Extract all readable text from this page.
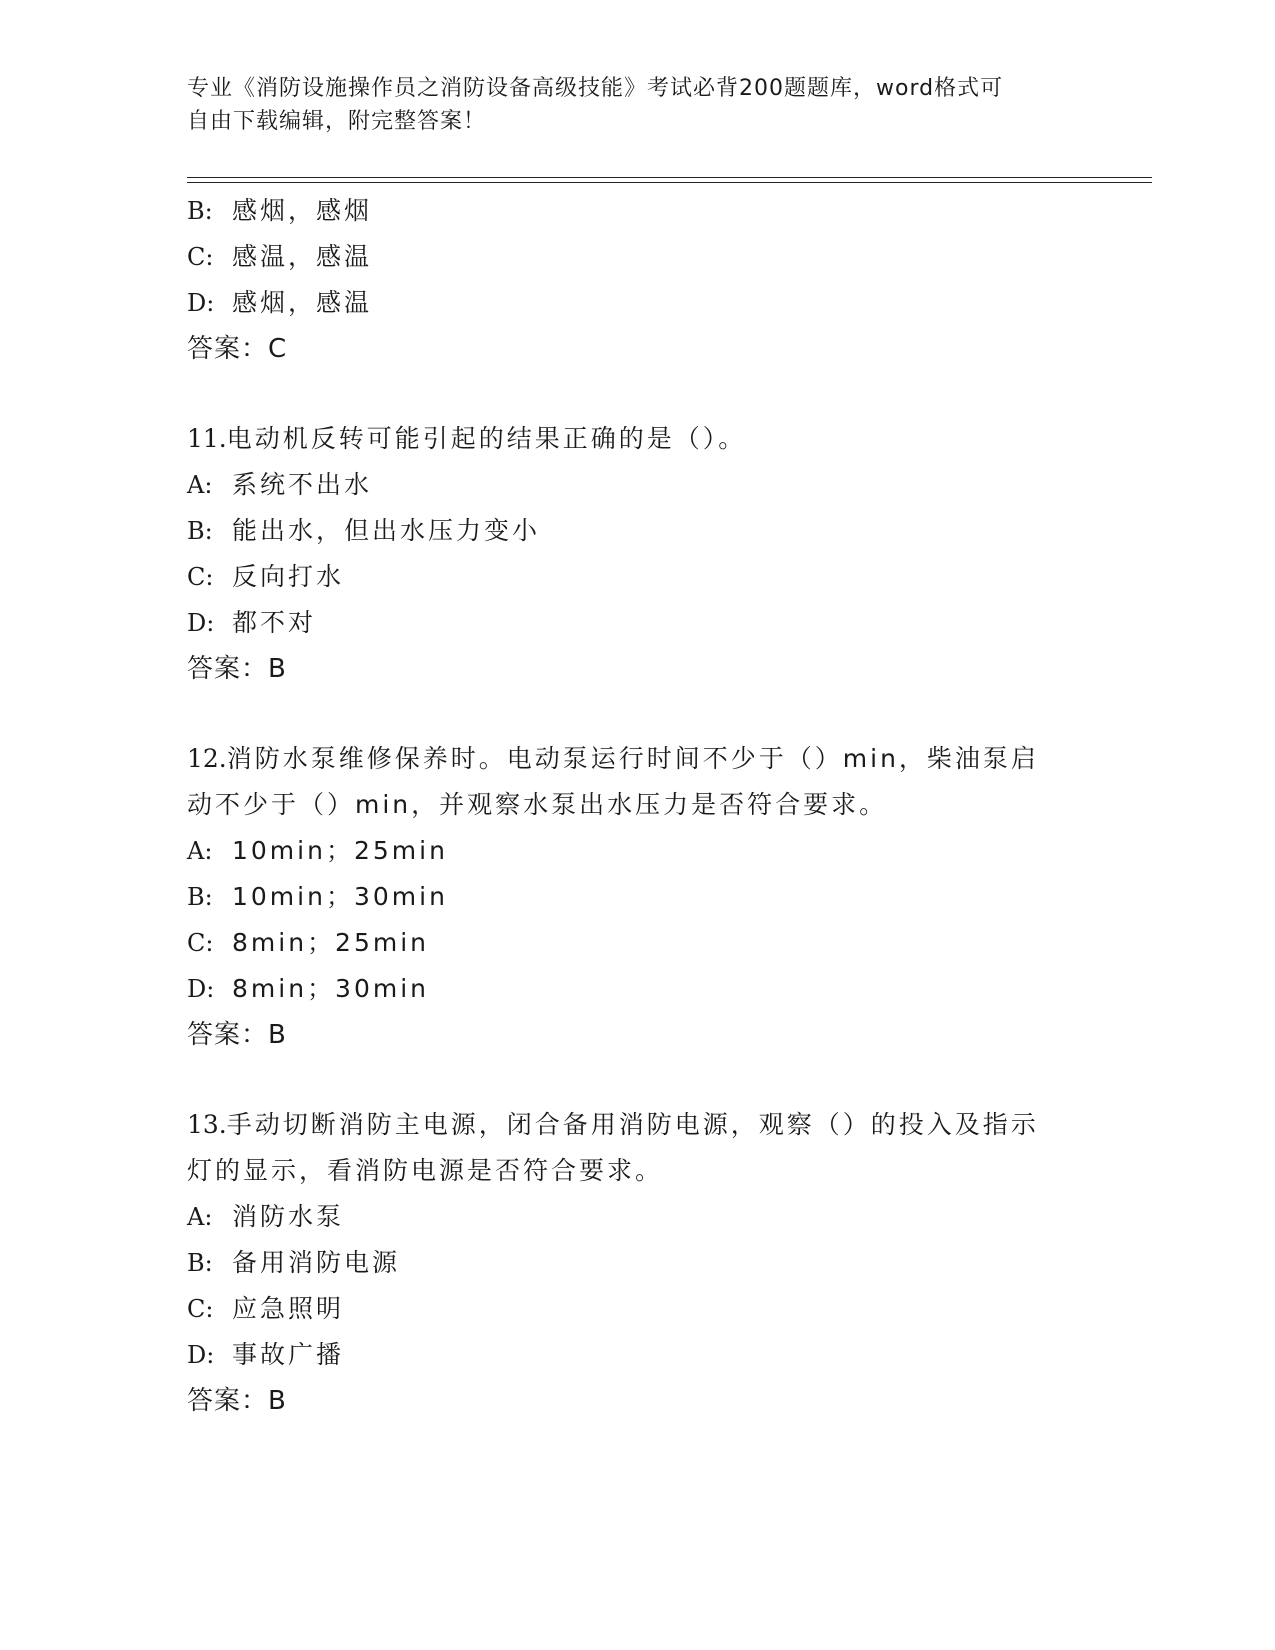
专业《消防设施操作员之消防设备高级技能》考试必背200题题库，word格式可
自由下载编辑，附完整答案！
B: 感烟，感烟
C: 感温，感温
D: 感烟，感温
答案：C
11.电动机反转可能引起的结果正确的是（）。
A: 系统不出水
B: 能出水，但出水压力变小
C: 反向打水
D: 都不对
答案：B
12.消防水泵维修保养时。电动泵运行时间不少于（）min，柴油泵启
动不少于（）min，并观察水泵出水压力是否符合要求。
A: 10min；25min
B: 10min；30min
C: 8min；25min
D: 8min；30min
答案：B
13.手动切断消防主电源，闭合备用消防电源，观察（）的投入及指示
灯的显示，看消防电源是否符合要求。
A: 消防水泵
B: 备用消防电源
C: 应急照明
D: 事故广播
答案：B
